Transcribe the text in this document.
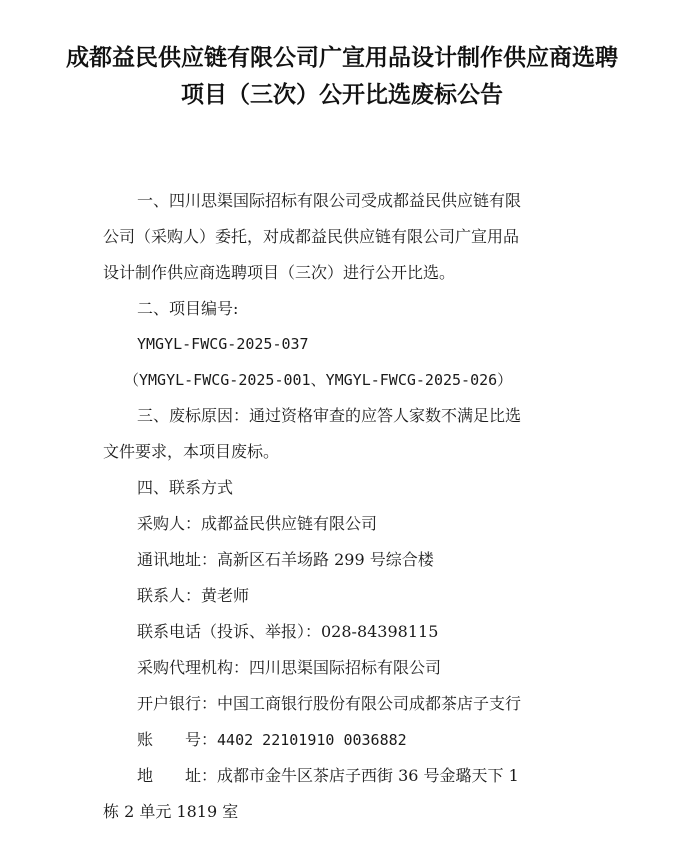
成都益民供应链有限公司广宣用品设计制作供应商选聘项目（三次）公开比选废标公告
一、四川思渠国际招标有限公司受成都益民供应链有限
公司（采购人）委托，对成都益民供应链有限公司广宣用品
设计制作供应商选聘项目（三次）进行公开比选。
二、项目编号:
YMGYL-FWCG-2025-037
（YMGYL-FWCG-2025-001、YMGYL-FWCG-2025-026）
三、废标原因：通过资格审查的应答人家数不满足比选
文件要求，本项目废标。
四、联系方式
采购人：成都益民供应链有限公司
通讯地址：高新区石羊场路 299 号综合楼
联系人：黄老师
联系电话（投诉、举报）：028-84398115
采购代理机构：四川思渠国际招标有限公司
开户银行：中国工商银行股份有限公司成都茶店子支行
账　　号：4402 22101910 0036882
地　　址：成都市金牛区茶店子西街 36 号金璐天下 1
栋 2 单元 1819 室
